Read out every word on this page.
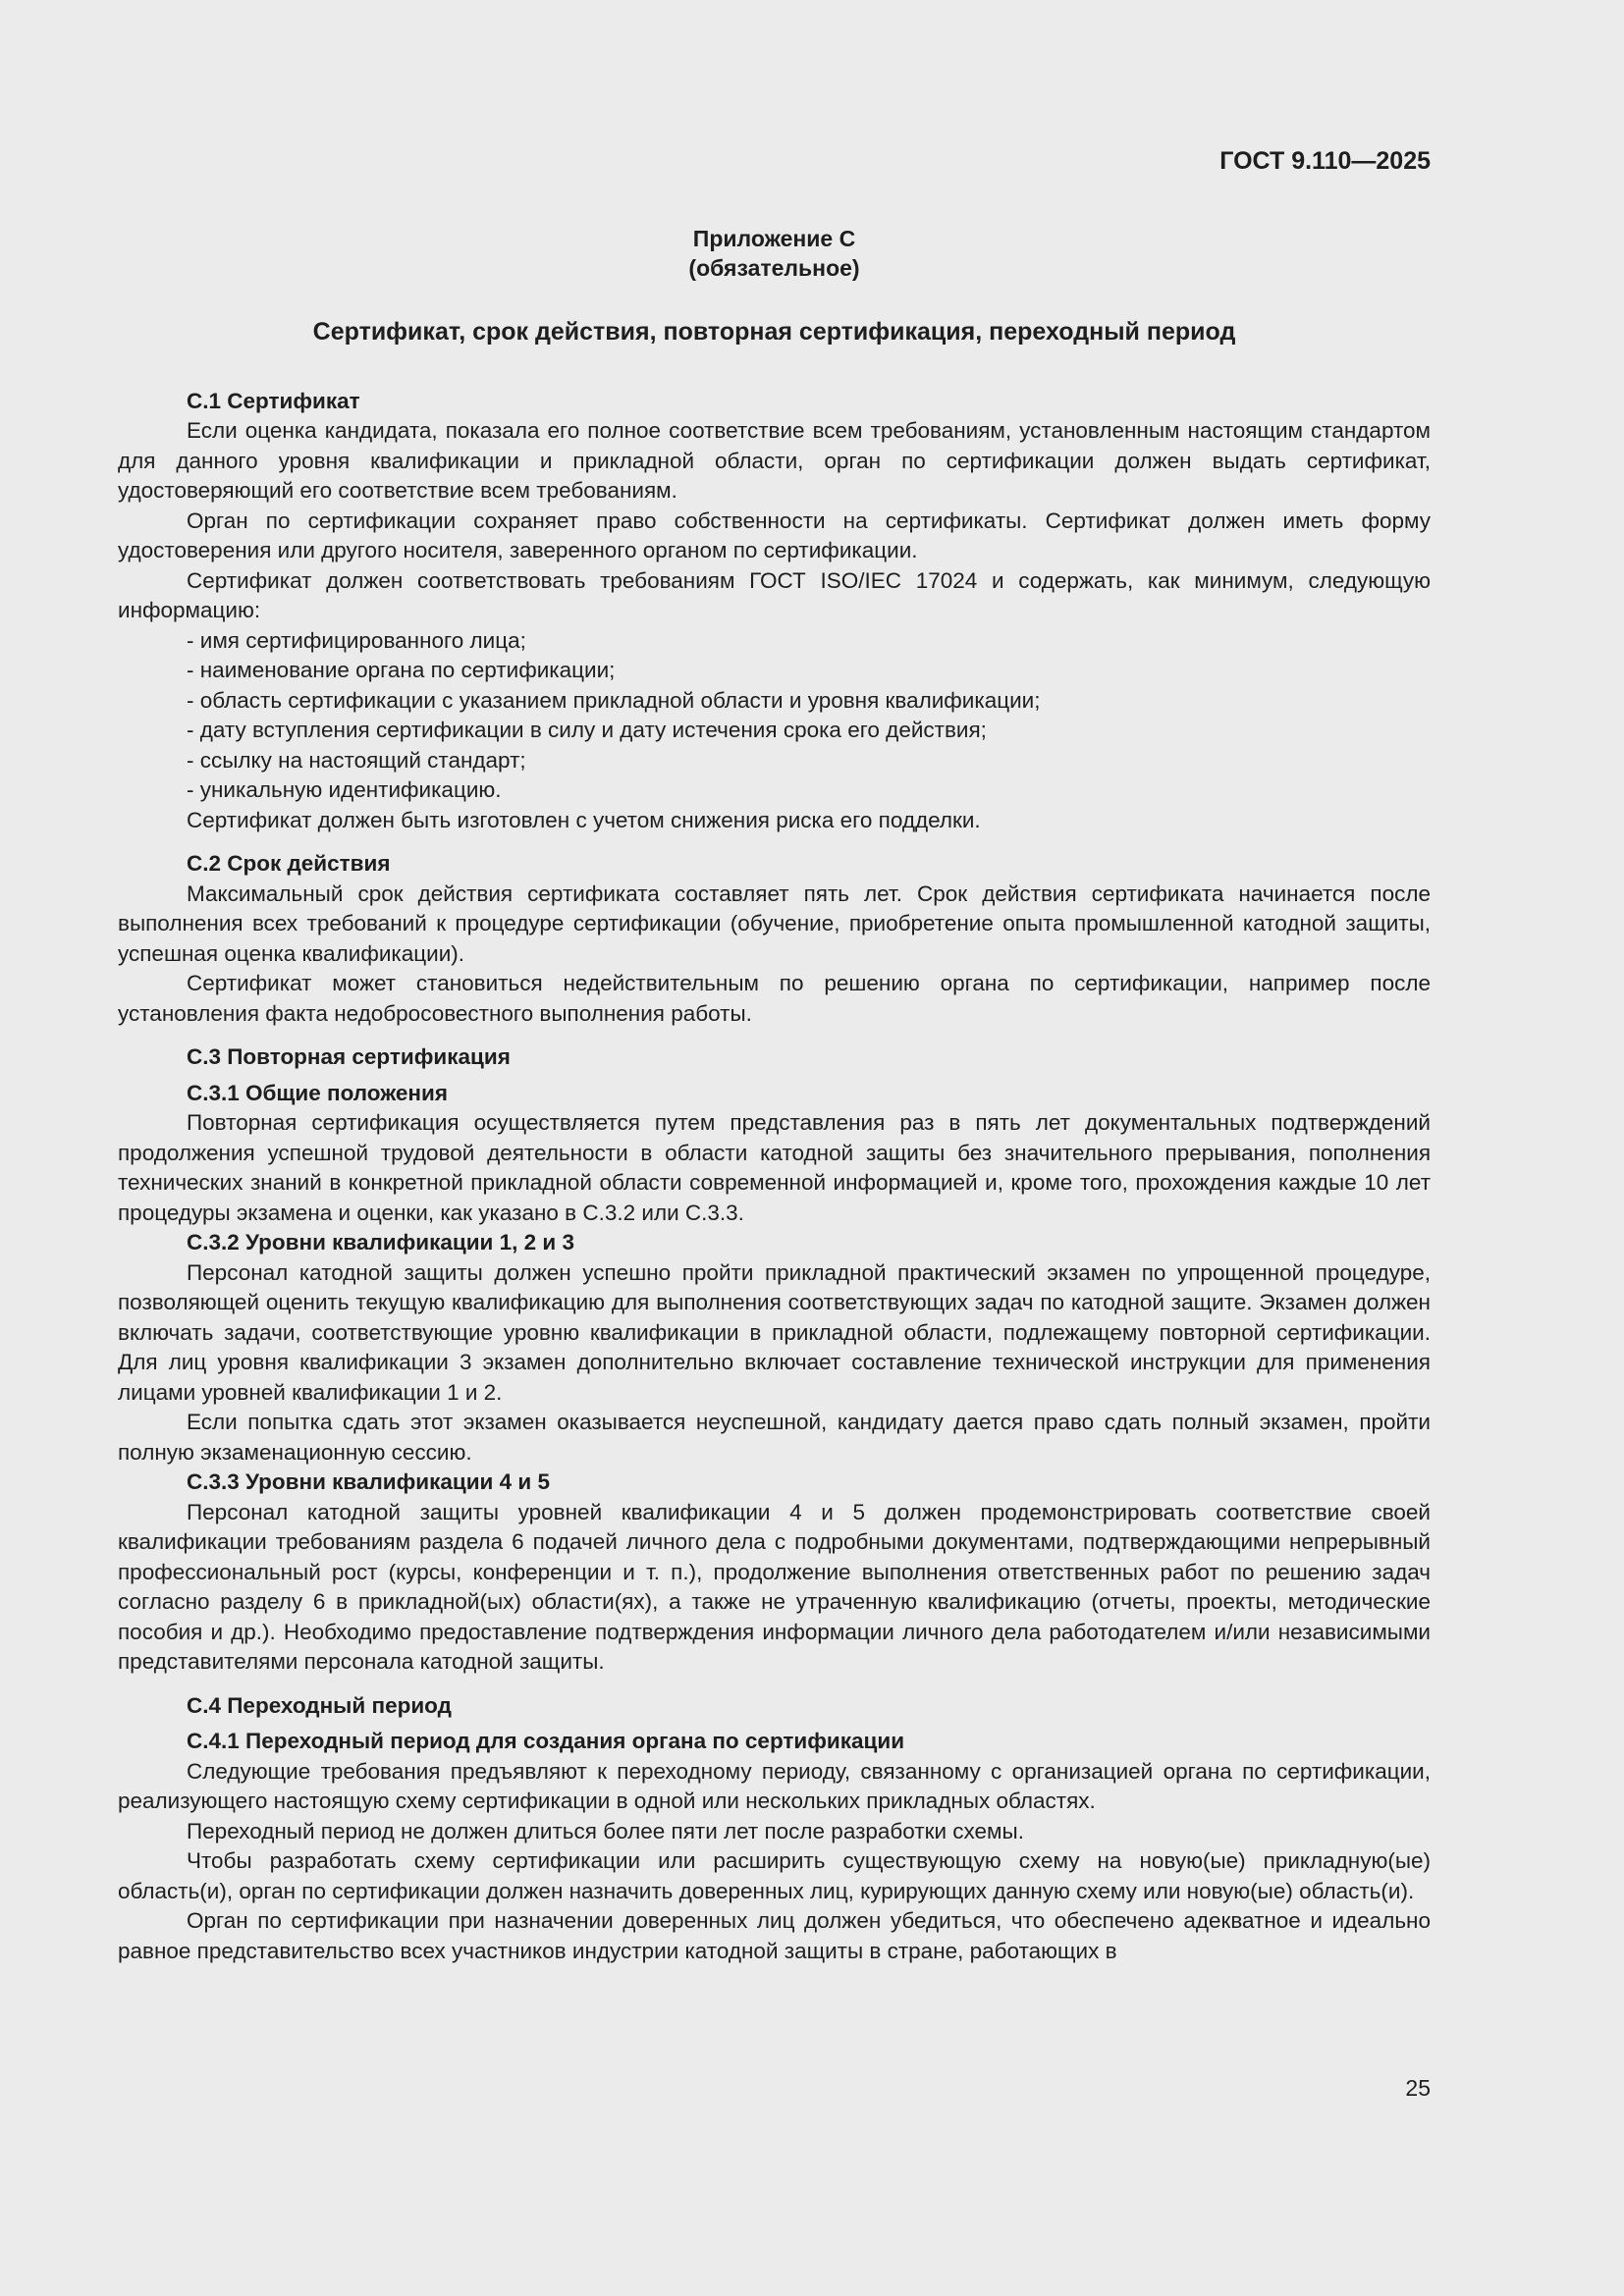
ГОСТ 9.110—2025
Приложение С
(обязательное)
Сертификат, срок действия, повторная сертификация, переходный период
С.1 Сертификат

Если оценка кандидата, показала его полное соответствие всем требованиям, установленным настоящим стандартом для данного уровня квалификации и прикладной области, орган по сертификации должен выдать сертификат, удостоверяющий его соответствие всем требованиям.

Орган по сертификации сохраняет право собственности на сертификаты. Сертификат должен иметь форму удостоверения или другого носителя, заверенного органом по сертификации.

Сертификат должен соответствовать требованиям ГОСТ ISO/IEC 17024 и содержать, как минимум, следующую информацию:

- имя сертифицированного лица;
- наименование органа по сертификации;
- область сертификации с указанием прикладной области и уровня квалификации;
- дату вступления сертификации в силу и дату истечения срока его действия;
- ссылку на настоящий стандарт;
- уникальную идентификацию.

Сертификат должен быть изготовлен с учетом снижения риска его подделки.

С.2 Срок действия

Максимальный срок действия сертификата составляет пять лет. Срок действия сертификата начинается после выполнения всех требований к процедуре сертификации (обучение, приобретение опыта промышленной катодной защиты, успешная оценка квалификации).

Сертификат может становиться недействительным по решению органа по сертификации, например после установления факта недобросовестного выполнения работы.

С.3 Повторная сертификация
С.3.1 Общие положения

Повторная сертификация осуществляется путем представления раз в пять лет документальных подтверждений продолжения успешной трудовой деятельности в области катодной защиты без значительного прерывания, пополнения технических знаний в конкретной прикладной области современной информацией и, кроме того, прохождения каждые 10 лет процедуры экзамена и оценки, как указано в С.3.2 или С.3.3.

С.3.2 Уровни квалификации 1, 2 и 3

Персонал катодной защиты должен успешно пройти прикладной практический экзамен по упрощенной процедуре, позволяющей оценить текущую квалификацию для выполнения соответствующих задач по катодной защите. Экзамен должен включать задачи, соответствующие уровню квалификации в прикладной области, подлежащему повторной сертификации. Для лиц уровня квалификации 3 экзамен дополнительно включает составление технической инструкции для применения лицами уровней квалификации 1 и 2.

Если попытка сдать этот экзамен оказывается неуспешной, кандидату дается право сдать полный экзамен, пройти полную экзаменационную сессию.

С.3.3 Уровни квалификации 4 и 5

Персонал катодной защиты уровней квалификации 4 и 5 должен продемонстрировать соответствие своей квалификации требованиям раздела 6 подачей личного дела с подробными документами, подтверждающими непрерывный профессиональный рост (курсы, конференции и т. п.), продолжение выполнения ответственных работ по решению задач согласно разделу 6 в прикладной(ых) области(ях), а также не утраченную квалификацию (отчеты, проекты, методические пособия и др.). Необходимо предоставление подтверждения информации личного дела работодателем и/или независимыми представителями персонала катодной защиты.

С.4 Переходный период
С.4.1 Переходный период для создания органа по сертификации

Следующие требования предъявляют к переходному периоду, связанному с организацией органа по сертификации, реализующего настоящую схему сертификации в одной или нескольких прикладных областях.

Переходный период не должен длиться более пяти лет после разработки схемы.

Чтобы разработать схему сертификации или расширить существующую схему на новую(ые) прикладную(ые) область(и), орган по сертификации должен назначить доверенных лиц, курирующих данную схему или новую(ые) область(и).

Орган по сертификации при назначении доверенных лиц должен убедиться, что обеспечено адекватное и идеально равное представительство всех участников индустрии катодной защиты в стране, работающих в

25
